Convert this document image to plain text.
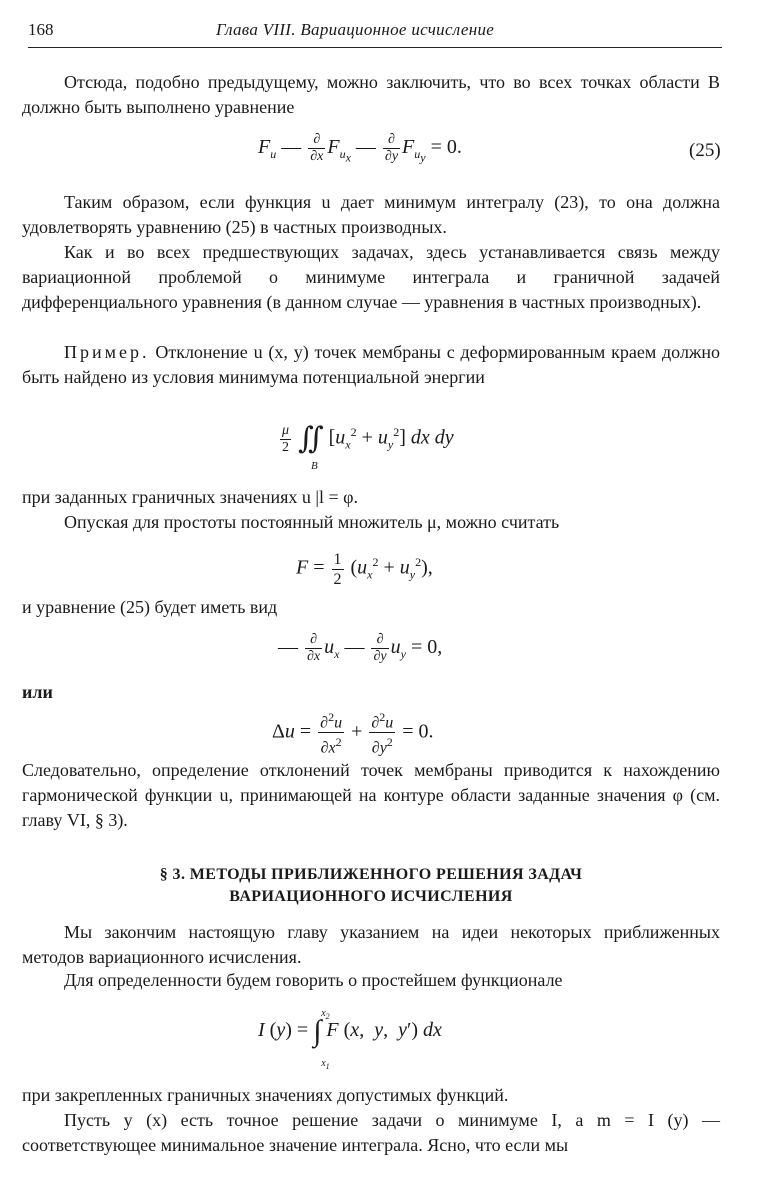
168	Глава VIII. Вариационное исчисление
Отсюда, подобно предыдущему, можно заключить, что во всех точках области B должно быть выполнено уравнение
$F_u$ — $\frac{\partial}{\partial x} F_{u_x}$ — $\frac{\partial}{\partial y} F_{u_y} = 0$.	(25)
Таким образом, если функция u дает минимум интегралу (23), то она должна удовлетворять уравнению (25) в частных производных.
Как и во всех предшествующих задачах, здесь устанавливается связь между вариационной проблемой о минимуме интеграла и граничной задачей дифференциального уравнения (в данном случае — уравнения в частных производных).
Пример. Отклонение u (x, y) точек мембраны с деформированным краем должно быть найдено из условия минимума потенциальной энергии
$\frac{\mu}{2}$ ∬ $[u_x^2 + u_y^2]$ dx dy
B
при заданных граничных значениях u |l = φ.
Опуская для простоты постоянный множитель μ, можно считать
$F = \frac{1}{2} (u_x^2 + u_y^2)$,
и уравнение (25) будет иметь вид
— $\frac{\partial}{\partial x} u_x$ — $\frac{\partial}{\partial y} u_y = 0$,
или
$\Delta u = \frac{\partial^2u}{\partial x^2} + \frac{\partial^2u}{\partial y^2} = 0$.
Следовательно, определение отклонений точек мембраны приводится к нахождению гармонической функции u, принимающей на контуре области заданные значения φ (см. главу VI, § 3).
§ 3. МЕТОДЫ ПРИБЛИЖЕННОГО РЕШЕНИЯ ЗАДАЧ
ВАРИАЦИОННОГО ИСЧИСЛЕНИЯ
Мы закончим настоящую главу указанием на идеи некоторых приближенных методов вариационного исчисления.
Для определенности будем говорить о простейшем функционале
I (y) = ∫
$x_2$
$x_1$
F (x,  y,  y′) dx
при закрепленных граничных значениях допустимых функций.
Пусть y (x) есть точное решение задачи о минимуме I, а m = I (y) — соответствующее минимальное значение интеграла. Ясно, что если мы
